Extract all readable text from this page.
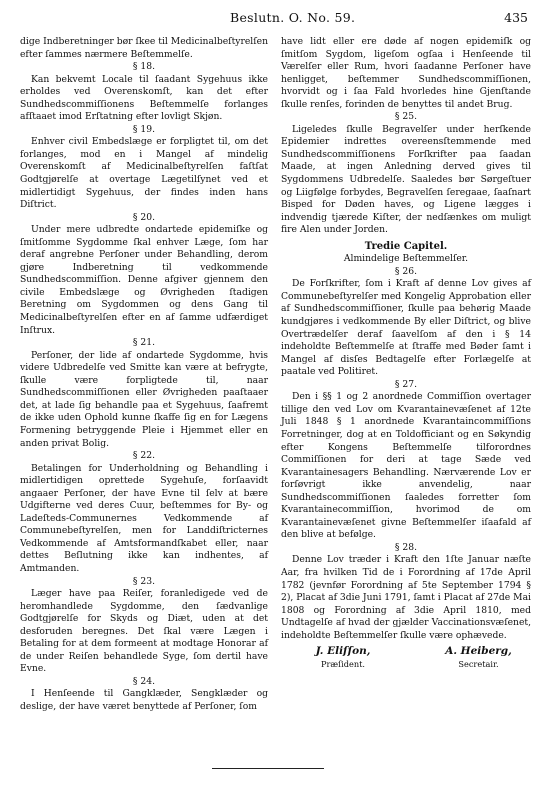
Beslutn. O. No. 59.	435

dige Indberetninger bør ſkee til Medicinalbeſtyrelſen efter ſammes nærmere Beſtemmelſe.

§ 18.

Kan bekvemt Locale til ſaadant Sygehuus ikke erholdes ved Overenskomſt, kan det efter Sundhedscommiſſionens Beſtemmelſe forlanges afſtaaet imod Erſtatning efter lovligt Skjøn.

§ 19.

Enhver civil Embedslæge er forpligtet til, om det forlanges, mod en i Mangel af mindelig Overenskomſt af Medicinalbeſtyrelſen faſtſat Godtgjørelſe at overtage Lægetilſynet ved et midlertidigt Sygehuus, der findes inden hans Diſtrict.

§ 20.

Under mere udbredte ondartede epidemiſke og ſmitſomme Sygdomme ſkal enhver Læge, ſom har deraf angrebne Perſoner under Behandling, derom gjøre Indberetning til vedkommende Sundhedscommiſſion. Denne afgiver gjennem den civile Embedslæge og Øvrigheden ſtadigen Beretning om Sygdommen og dens Gang til Medicinalbeſtyrelſen efter en af ſamme udfærdiget Inſtrux.

§ 21.

Perſoner, der lide af ondartede Sygdomme, hvis videre Udbredelſe ved Smitte kan være at befrygte, ſkulle være forpligtede til, naar Sundhedscommiſſionen eller Øvrigheden paaſtaaer det, at lade ſig behandle paa et Sygehuus, ſaafremt de ikke uden Ophold kunne ſkaffe ſig en for Lægens Formening betryggende Pleie i Hjemmet eller en anden privat Bolig.

§ 22.

Betalingen for Underholdning og Behandling i midlertidigen oprettede Sygehuſe, forſaavidt angaaer Perſoner, der have Evne til ſelv at bære Udgifterne ved deres Cuur, beſtemmes for By- og Ladeſteds-Communernes Vedkommende af Communebeſtyrelſen, men for Landdiſtricternes Vedkommende af Amtsformandſkabet eller, naar dettes Beſlutning ikke kan indhentes, af Amtmanden.

§ 23.

Læger have paa Reiſer, foranledigede ved de heromhandlede Sygdomme, den ſædvanlige Godtgjørelſe for Skyds og Diæt, uden at det desforuden beregnes. Det ſkal være Lægen i Betaling for at dem formeent at modtage Honorar af de under Reiſen behandlede Syge, ſom dertil have Evne.

§ 24.

I Henſeende til Gangklæder, Sengklæder og deslige, der have været benyttede af Perſoner, ſom

have lidt eller ere døde af nogen epidemiſk og ſmitſom Sygdom, ligeſom ogſaa i Henſeende til Værelſer eller Rum, hvori ſaadanne Perſoner have henligget, beſtemmer Sundhedscommiſſionen, hvorvidt og i ſaa Fald hvorledes hine Gjenſtande ſkulle renſes, forinden de benyttes til andet Brug.

§ 25.

Ligeledes ſkulle Begravelſer under herſkende Epidemier indrettes overeensſtemmende med Sundhedscommiſſionens Forſkrifter paa ſaadan Maade, at ingen Anledning derved gives til Sygdommens Udbredelſe. Saaledes bør Sørgeſtuer og Liigfølge forbydes, Begravelſen ſeregaae, ſaaſnart Bisped for Døden haves, og Ligene lægges i indvendig tjærede Kiſter, der nedſænkes om muligt fire Alen under Jorden.

Tredie Capitel.
Almindelige Beſtemmelſer.
§ 26.

De Forſkrifter, ſom i Kraft af denne Lov gives af Communebeſtyrelſer med Kongelig Approbation eller af Sundhedscommiſſioner, ſkulle paa behørig Maade kundgjøres i vedkommende By eller Diſtrict, og blive Overtrædelſer deraf ſaavelſom af den i § 14 indeholdte Beſtemmelſe at ſtraffe med Bøder ſamt i Mangel af disſes Bedtagelſe efter Forlægelſe at paatale ved Politiret.

§ 27.

Den i §§ 1 og 2 anordnede Commiſſion overtager tillige den ved Lov om Kvarantainevæſenet af 12te Juli 1848 § 1 anordnede Kvarantaincommiſſions Forretninger, dog at en Toldofficiant og en Søkyndig efter Kongens Beſtemmelſe tilforordnes Commiſſionen for deri at tage Sæde ved Kvarantainesagers Behandling. Nærværende Lov er forſøvrigt ikke anvendelig, naar Sundhedscommiſſionen ſaaledes forretter ſom Kvarantainecommiſſion, hvorimod de om Kvarantainevæſenet givne Beſtemmelſer iſaafald af den blive at befølge.

§ 28.

Denne Lov træder i Kraft den 1ſte Januar næſte Aar, fra hvilken Tid de i Forordning af 17de April 1782 (jevnfør Forordning af 5te September 1794 § 2), Placat af 3die Juni 1791, ſamt i Placat af 27de Mai 1808 og Forordning af 3die April 1810, med Undtagelſe af hvad der gjælder Vaccinationsvæſenet, indeholdte Beſtemmelſer ſkulle være ophævede.

J. Eliſſon,
Præſident.
A. Heiberg,
Secretair.
